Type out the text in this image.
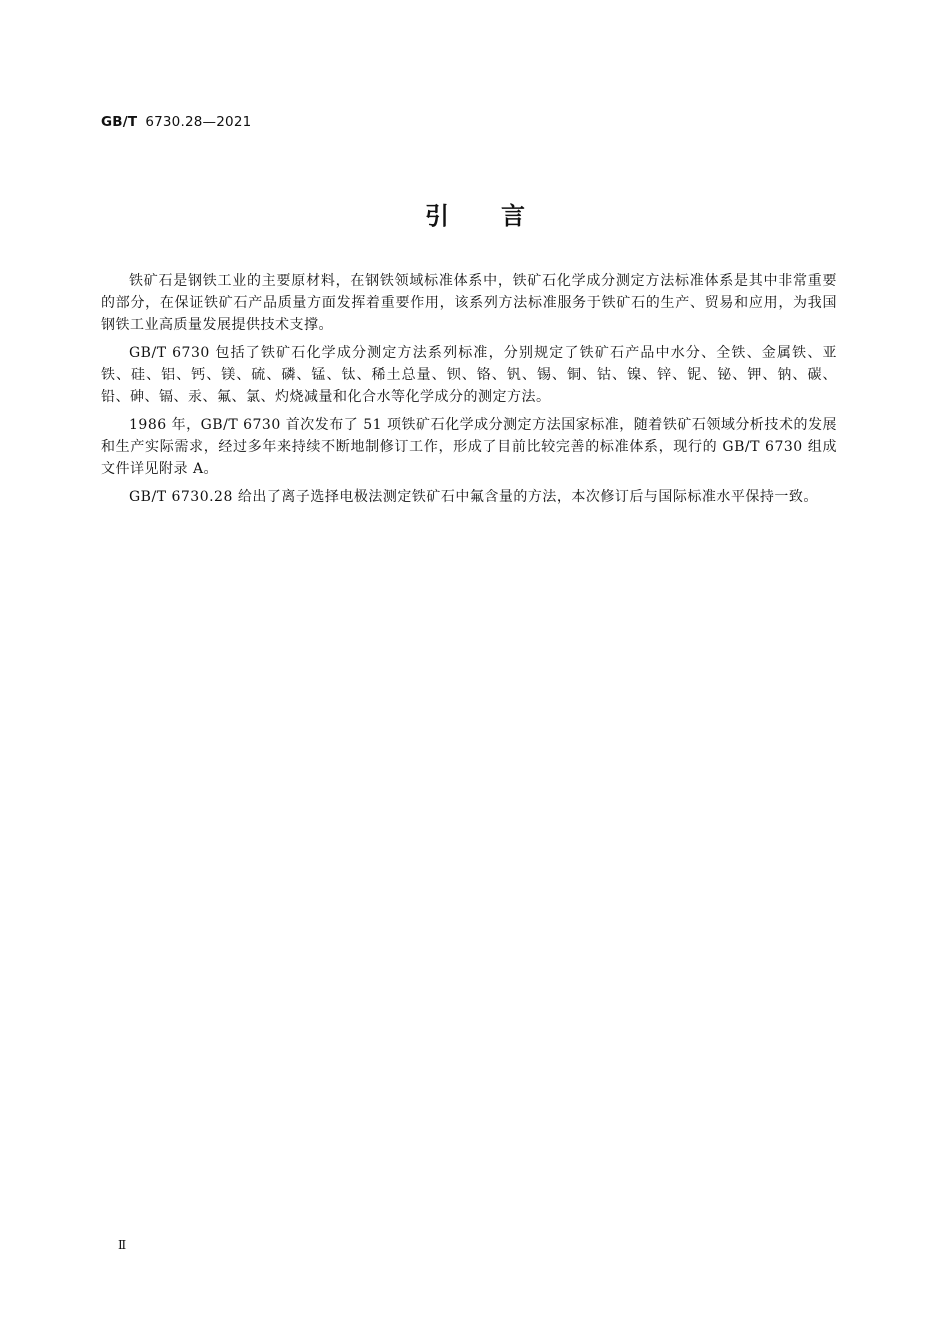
GB/T 6730.28—2021
引言

铁矿石是钢铁工业的主要原材料，在钢铁领域标准体系中，铁矿石化学成分测定方法标准体系是其中非常重要的部分，在保证铁矿石产品质量方面发挥着重要作用，该系列方法标准服务于铁矿石的生产、贸易和应用，为我国钢铁工业高质量发展提供技术支撑。

GB/T 6730 包括了铁矿石化学成分测定方法系列标准，分别规定了铁矿石产品中水分、全铁、金属铁、亚铁、硅、铝、钙、镁、硫、磷、锰、钛、稀土总量、钡、铬、钒、锡、铜、钴、镍、锌、铌、铋、钾、钠、碳、铅、砷、镉、汞、氟、氯、灼烧减量和化合水等化学成分的测定方法。

1986 年，GB/T 6730 首次发布了 51 项铁矿石化学成分测定方法国家标准，随着铁矿石领域分析技术的发展和生产实际需求，经过多年来持续不断地制修订工作，形成了目前比较完善的标准体系，现行的 GB/T 6730 组成文件详见附录 A。

GB/T 6730.28 给出了离子选择电极法测定铁矿石中氟含量的方法，本次修订后与国际标准水平保持一致。

Ⅱ
